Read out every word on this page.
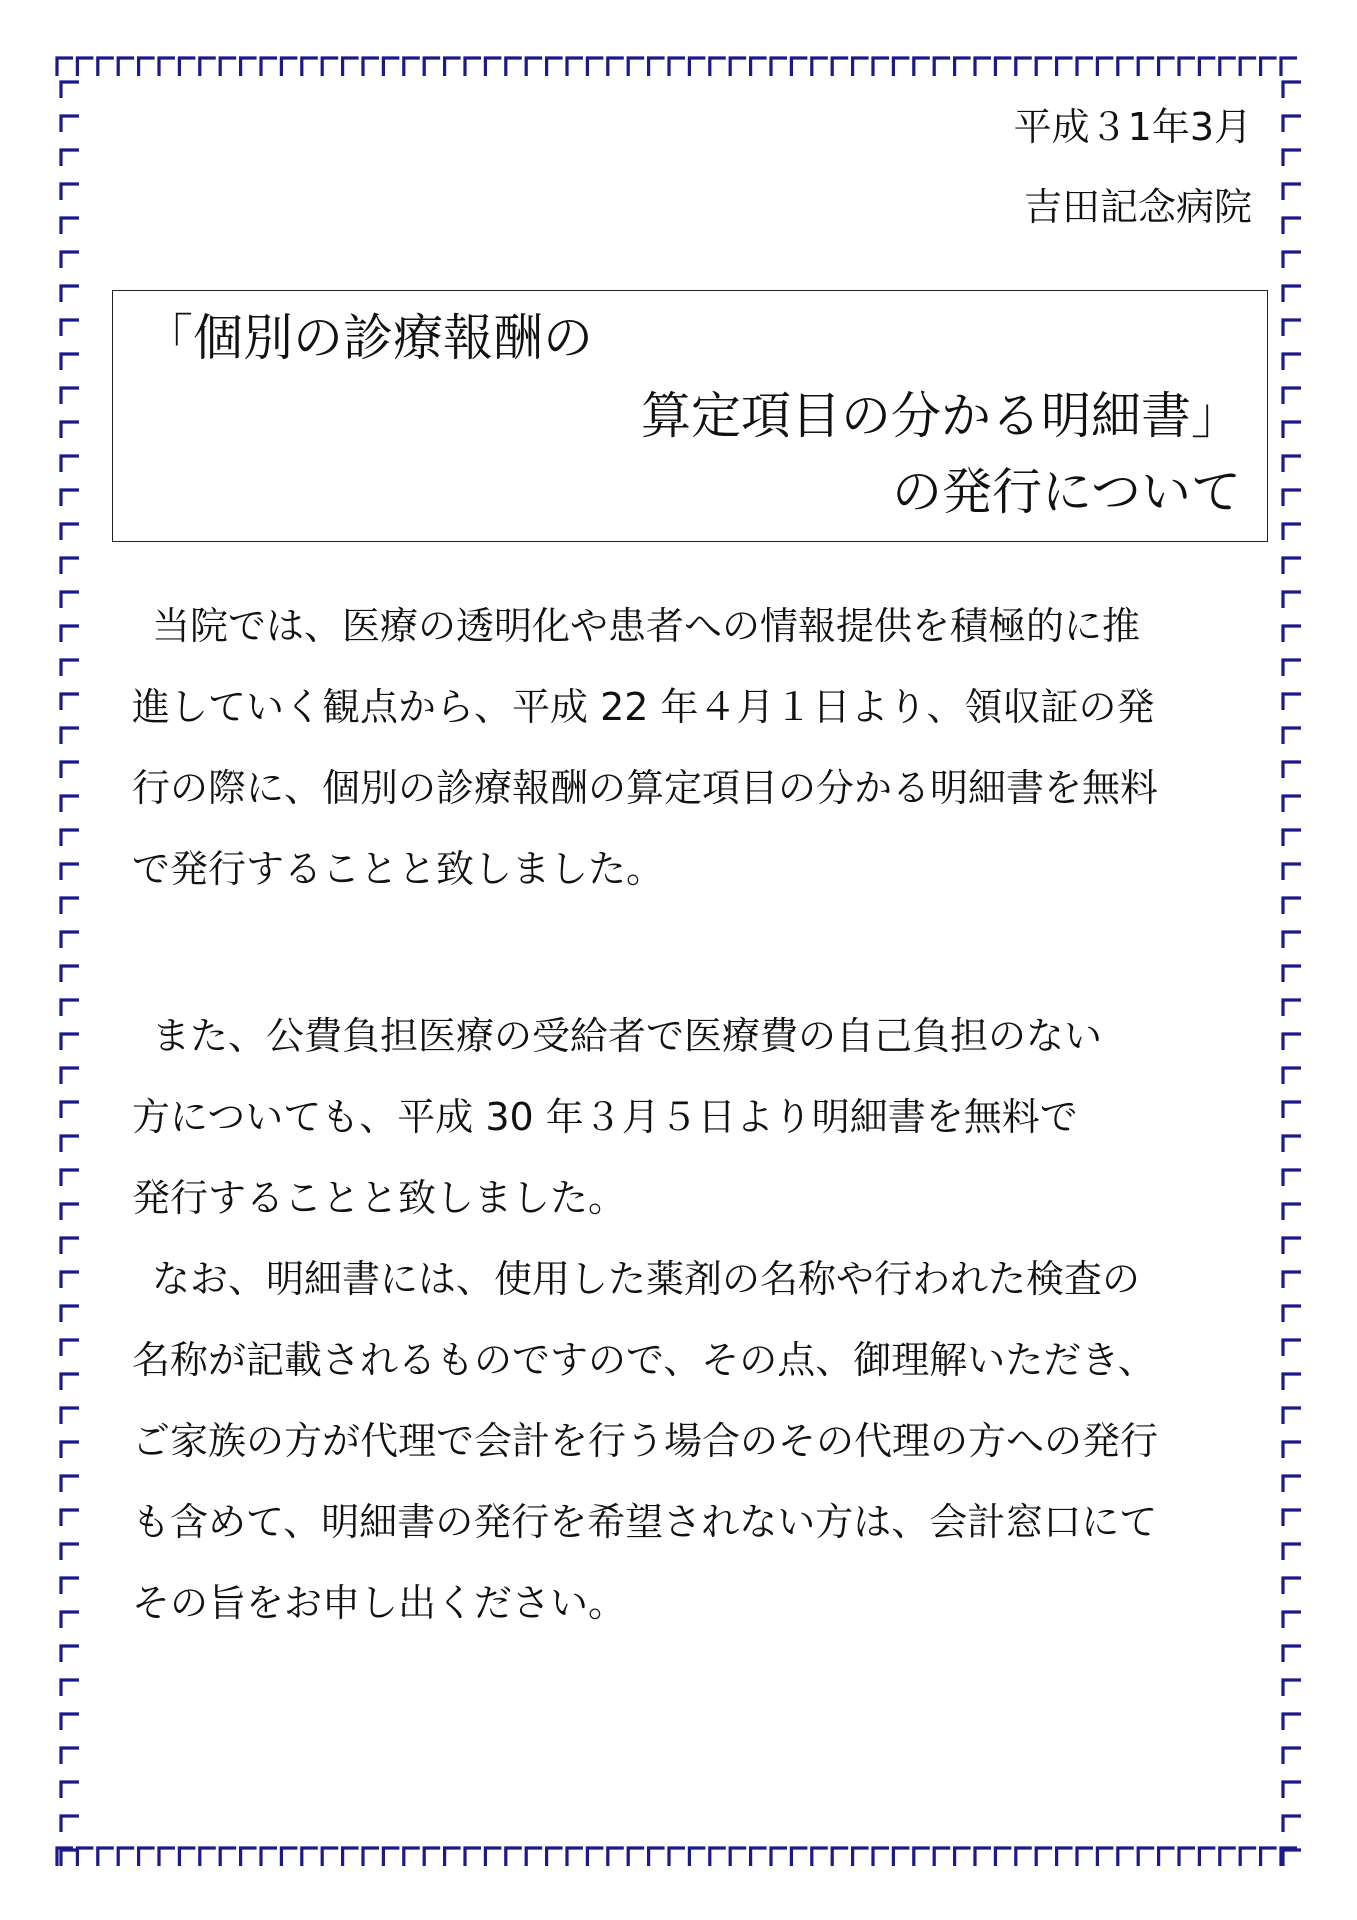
平成３1年3月
吉田記念病院
「個別の診療報酬の
算定項目の分かる明細書」
の発行について
当院では、医療の透明化や患者への情報提供を積極的に推
進していく観点から、平成 22 年４月１日より、領収証の発
行の際に、個別の診療報酬の算定項目の分かる明細書を無料
で発行することと致しました。
また、公費負担医療の受給者で医療費の自己負担のない
方についても、平成 30 年３月５日より明細書を無料で
発行することと致しました。
なお、明細書には、使用した薬剤の名称や行われた検査の
名称が記載されるものですので、その点、御理解いただき、
ご家族の方が代理で会計を行う場合のその代理の方への発行
も含めて、明細書の発行を希望されない方は、会計窓口にて
その旨をお申し出ください。
